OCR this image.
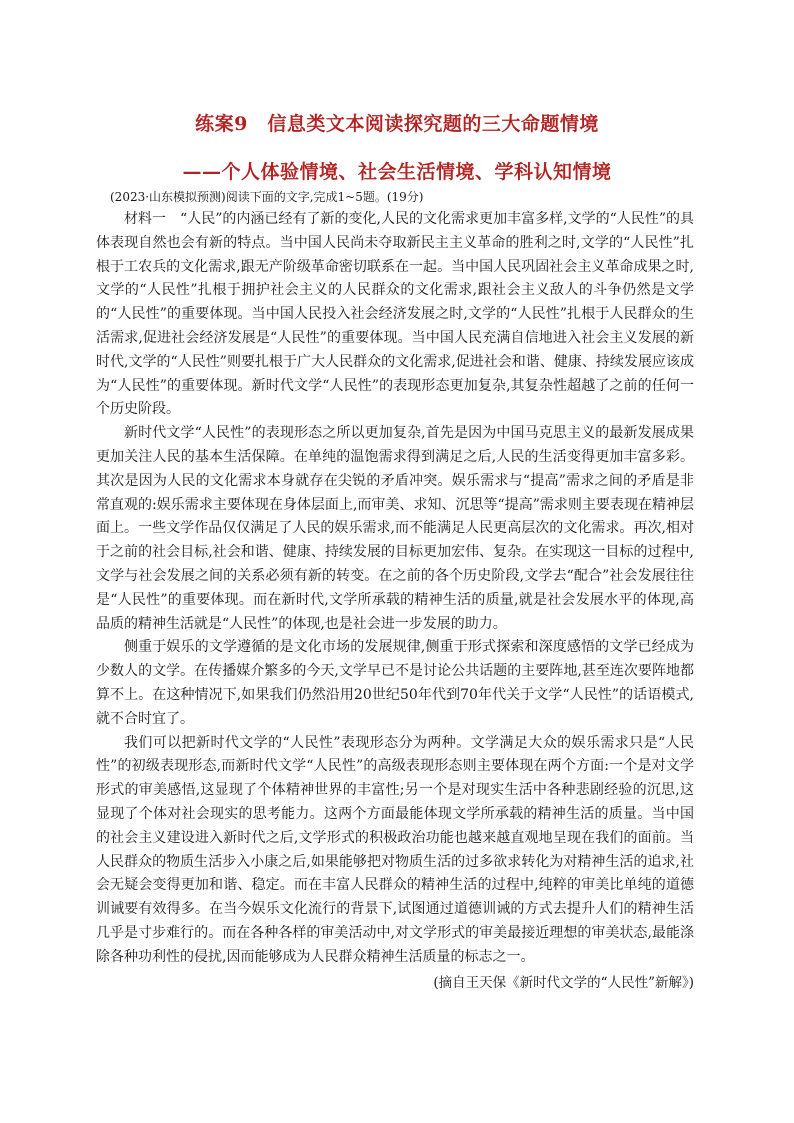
练案9　信息类文本阅读探究题的三大命题情境
——个人体验情境、社会生活情境、学科认知情境
(2023·山东模拟预测)阅读下面的文字,完成1~5题。(19分)

材料一　“人民”的内涵已经有了新的变化,人民的文化需求更加丰富多样,文学的“人民性”的具体表现自然也会有新的特点。当中国人民尚未夺取新民主主义革命的胜利之时,文学的“人民性”扎根于工农兵的文化需求,跟无产阶级革命密切联系在一起。当中国人民巩固社会主义革命成果之时,文学的“人民性”扎根于拥护社会主义的人民群众的文化需求,跟社会主义敌人的斗争仍然是文学的“人民性”的重要体现。当中国人民投入社会经济发展之时,文学的“人民性”扎根于人民群众的生活需求,促进社会经济发展是“人民性”的重要体现。当中国人民充满自信地进入社会主义发展的新时代,文学的“人民性”则要扎根于广大人民群众的文化需求,促进社会和谐、健康、持续发展应该成为“人民性”的重要体现。新时代文学“人民性”的表现形态更加复杂,其复杂性超越了之前的任何一个历史阶段。

新时代文学“人民性”的表现形态之所以更加复杂,首先是因为中国马克思主义的最新发展成果更加关注人民的基本生活保障。在单纯的温饱需求得到满足之后,人民的生活变得更加丰富多彩。其次是因为人民的文化需求本身就存在尖锐的矛盾冲突。娱乐需求与“提高”需求之间的矛盾是非常直观的:娱乐需求主要体现在身体层面上,而审美、求知、沉思等“提高”需求则主要表现在精神层面上。一些文学作品仅仅满足了人民的娱乐需求,而不能满足人民更高层次的文化需求。再次,相对于之前的社会目标,社会和谐、健康、持续发展的目标更加宏伟、复杂。在实现这一目标的过程中,文学与社会发展之间的关系必须有新的转变。在之前的各个历史阶段,文学去“配合”社会发展往往是“人民性”的重要体现。而在新时代,文学所承载的精神生活的质量,就是社会发展水平的体现,高品质的精神生活就是“人民性”的体现,也是社会进一步发展的助力。

侧重于娱乐的文学遵循的是文化市场的发展规律,侧重于形式探索和深度感悟的文学已经成为少数人的文学。在传播媒介繁多的今天,文学早已不是讨论公共话题的主要阵地,甚至连次要阵地都算不上。在这种情况下,如果我们仍然沿用20世纪50年代到70年代关于文学“人民性”的话语模式,就不合时宜了。

我们可以把新时代文学的“人民性”表现形态分为两种。文学满足大众的娱乐需求只是“人民性”的初级表现形态,而新时代文学“人民性”的高级表现形态则主要体现在两个方面:一个是对文学形式的审美感悟,这显现了个体精神世界的丰富性;另一个是对现实生活中各种悲剧经验的沉思,这显现了个体对社会现实的思考能力。这两个方面最能体现文学所承载的精神生活的质量。当中国的社会主义建设进入新时代之后,文学形式的积极政治功能也越来越直观地呈现在我们的面前。当人民群众的物质生活步入小康之后,如果能够把对物质生活的过多欲求转化为对精神生活的追求,社会无疑会变得更加和谐、稳定。而在丰富人民群众的精神生活的过程中,纯粹的审美比单纯的道德训诫要有效得多。在当今娱乐文化流行的背景下,试图通过道德训诫的方式去提升人们的精神生活几乎是寸步难行的。而在各种各样的审美活动中,对文学形式的审美最接近理想的审美状态,最能涤除各种功利性的侵扰,因而能够成为人民群众精神生活质量的标志之一。

(摘自王天保《新时代文学的“人民性”新解》)
